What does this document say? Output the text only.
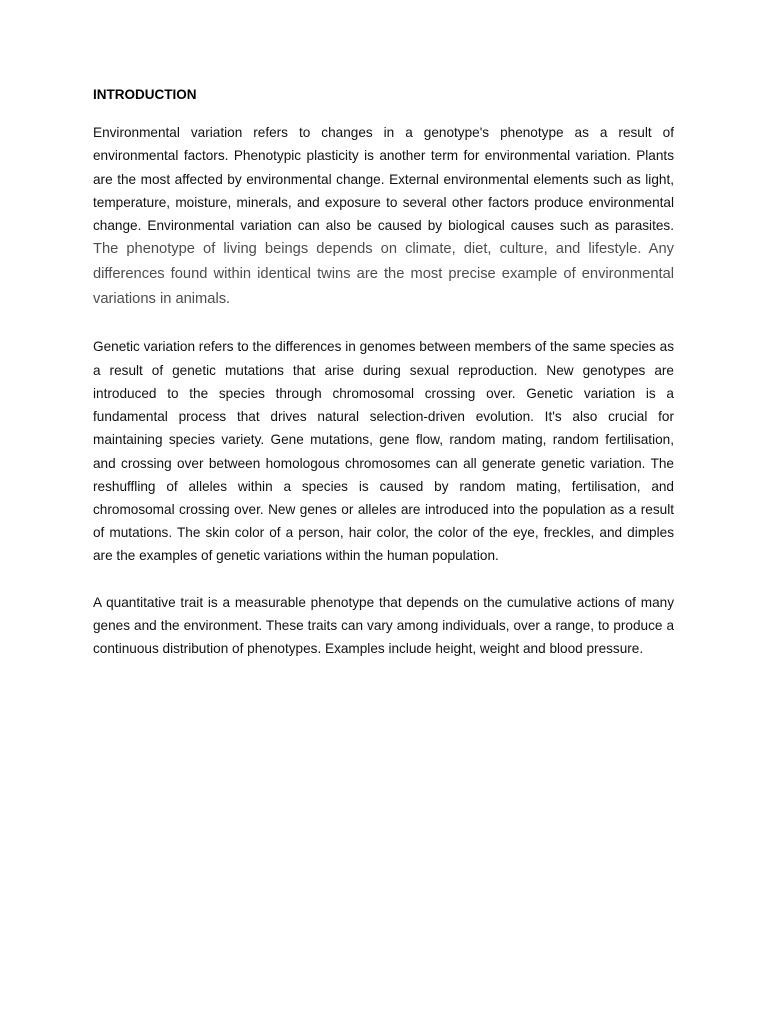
INTRODUCTION

Environmental variation refers to changes in a genotype's phenotype as a result of environmental factors. Phenotypic plasticity is another term for environmental variation. Plants are the most affected by environmental change. External environmental elements such as light, temperature, moisture, minerals, and exposure to several other factors produce environmental change. Environmental variation can also be caused by biological causes such as parasites. The phenotype of living beings depends on climate, diet, culture, and lifestyle. Any differences found within identical twins are the most precise example of environmental variations in animals.

Genetic variation refers to the differences in genomes between members of the same species as a result of genetic mutations that arise during sexual reproduction. New genotypes are introduced to the species through chromosomal crossing over. Genetic variation is a fundamental process that drives natural selection-driven evolution. It's also crucial for maintaining species variety. Gene mutations, gene flow, random mating, random fertilisation, and crossing over between homologous chromosomes can all generate genetic variation. The reshuffling of alleles within a species is caused by random mating, fertilisation, and chromosomal crossing over. New genes or alleles are introduced into the population as a result of mutations. The skin color of a person, hair color, the color of the eye, freckles, and dimples are the examples of genetic variations within the human population.

A quantitative trait is a measurable phenotype that depends on the cumulative actions of many genes and the environment. These traits can vary among individuals, over a range, to produce a continuous distribution of phenotypes. Examples include height, weight and blood pressure.
